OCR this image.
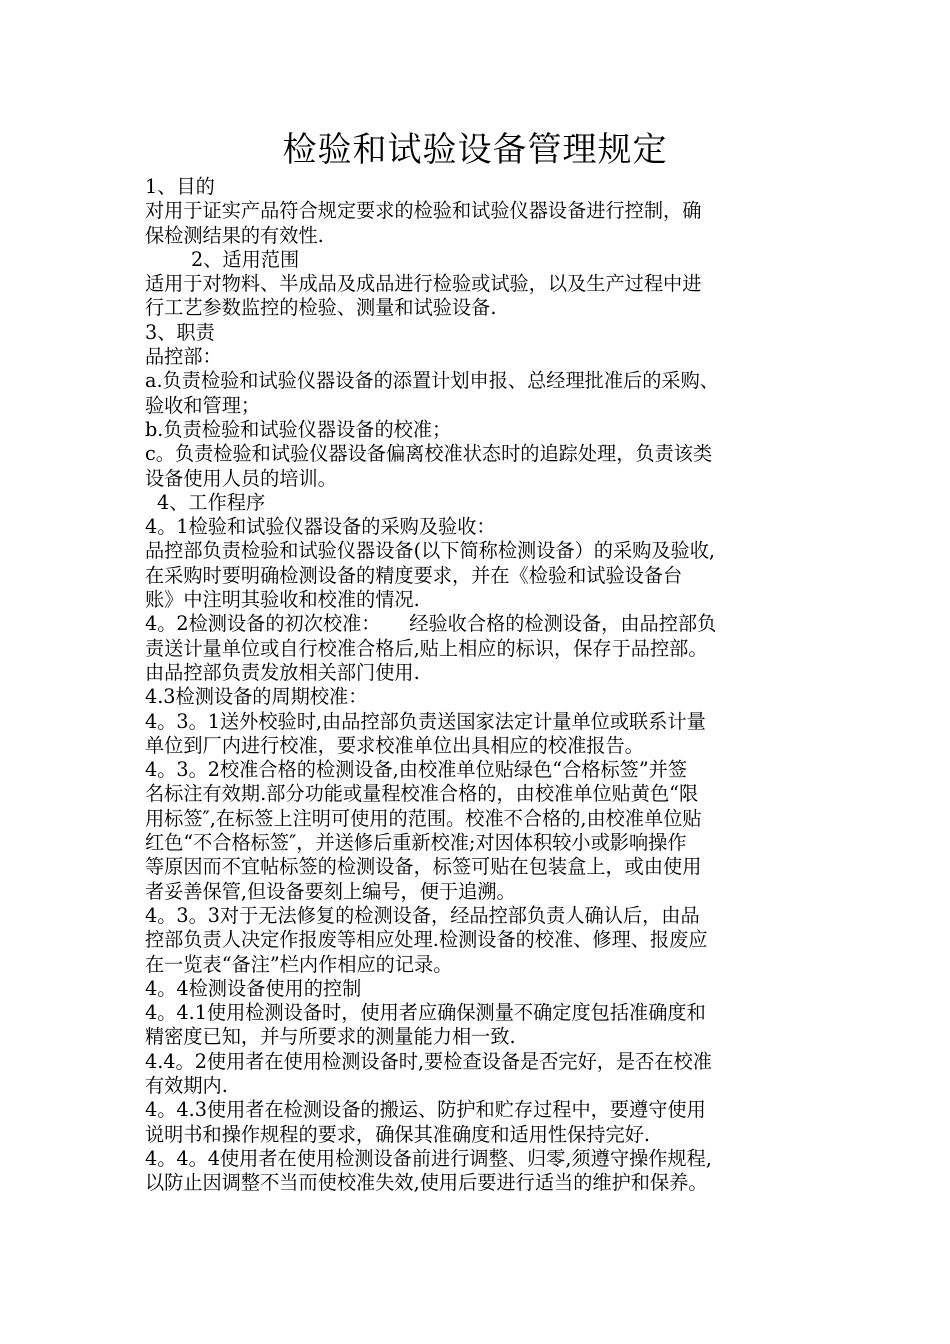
检验和试验设备管理规定
1、目的
对用于证实产品符合规定要求的检验和试验仪器设备进行控制，确
保检测结果的有效性.
2、适用范围
适用于对物料、半成品及成品进行检验或试验，以及生产过程中进
行工艺参数监控的检验、测量和试验设备.
3、职责
品控部：
a.负责检验和试验仪器设备的添置计划申报、总经理批准后的采购、
验收和管理；
b.负责检验和试验仪器设备的校准；
c。负责检验和试验仪器设备偏离校准状态时的追踪处理，负责该类
设备使用人员的培训。
4、工作程序
4。1检验和试验仪器设备的采购及验收：
品控部负责检验和试验仪器设备(以下简称检测设备）的采购及验收,
在采购时要明确检测设备的精度要求，并在《检验和试验设备台
账》中注明其验收和校准的情况.
4。2检测设备的初次校准：　　经验收合格的检测设备，由品控部负
责送计量单位或自行校准合格后,贴上相应的标识，保存于品控部。
由品控部负责发放相关部门使用.
4.3检测设备的周期校准：
4。3。1送外校验时,由品控部负责送国家法定计量单位或联系计量
单位到厂内进行校准，要求校准单位出具相应的校准报告。
4。3。2校准合格的检测设备,由校准单位贴绿色“合格标签”并签
名标注有效期.部分功能或量程校准合格的，由校准单位贴黄色“限
用标签″,在标签上注明可使用的范围。校准不合格的,由校准单位贴
红色“不合格标签″，并送修后重新校准;对因体积较小或影响操作
等原因而不宜帖标签的检测设备，标签可贴在包装盒上，或由使用
者妥善保管,但设备要刻上编号，便于追溯。
4。3。3对于无法修复的检测设备，经品控部负责人确认后，由品
控部负责人决定作报废等相应处理.检测设备的校准、修理、报废应
在一览表“备注”栏内作相应的记录。
4。4检测设备使用的控制
4。4.1使用检测设备时，使用者应确保测量不确定度包括准确度和
精密度已知，并与所要求的测量能力相一致.
4.4。2使用者在使用检测设备时,要检查设备是否完好，是否在校准
有效期内.
4。4.3使用者在检测设备的搬运、防护和贮存过程中，要遵守使用
说明书和操作规程的要求，确保其准确度和适用性保持完好.
4。4。4使用者在使用检测设备前进行调整、归零,须遵守操作规程,
以防止因调整不当而使校准失效,使用后要进行适当的维护和保养。
